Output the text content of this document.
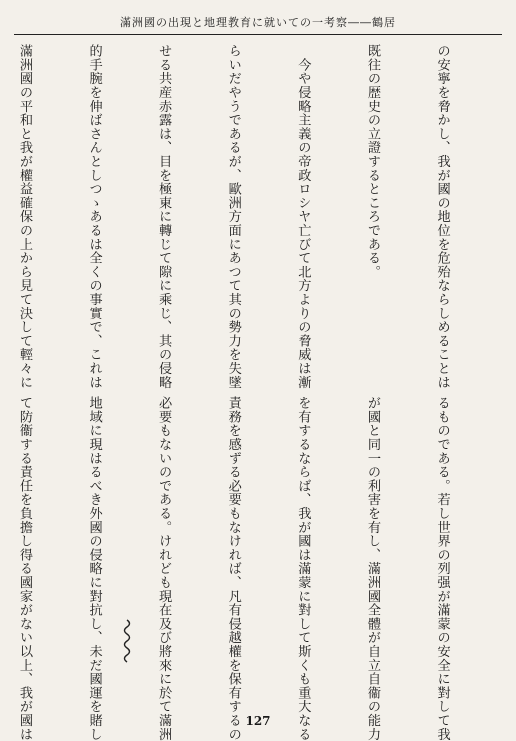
滿洲國の出現と地理教育に就いての一考察――鶴居

の安寧を脅かし、我が國の地位を危殆ならしめることは

既往の歴史の立證するところである。

　今や侵略主義の帝政ロシヤ亡びて北方よりの脅威は漸

らいだやうであるが、歐洲方面にあつて其の勢力を失墜

せる共産赤露は、目を極東に轉じて隙に乘じ、其の侵略

的手腕を伸ばさんとしつゝあるは全くの事實で、これは

滿洲國の平和と我が權益確保の上から見て決して輕々に

るものである。若し世界の列强が滿蒙の安全に對して我

が國と同一の利害を有し、滿洲國全體が自立自衞の能力

を有するならば、我が國は滿蒙に對して斯くも重大なる

責務を感ずる必要もなければ、凡有侵越權を保有するの

必要もないのである。けれども現在及び將來に於て滿洲

地域に現はるべき外國の侵略に對抗し、未だ國運を賭し

て防衞する責任を負擔し得る國家がない以上、我が國は

	127
